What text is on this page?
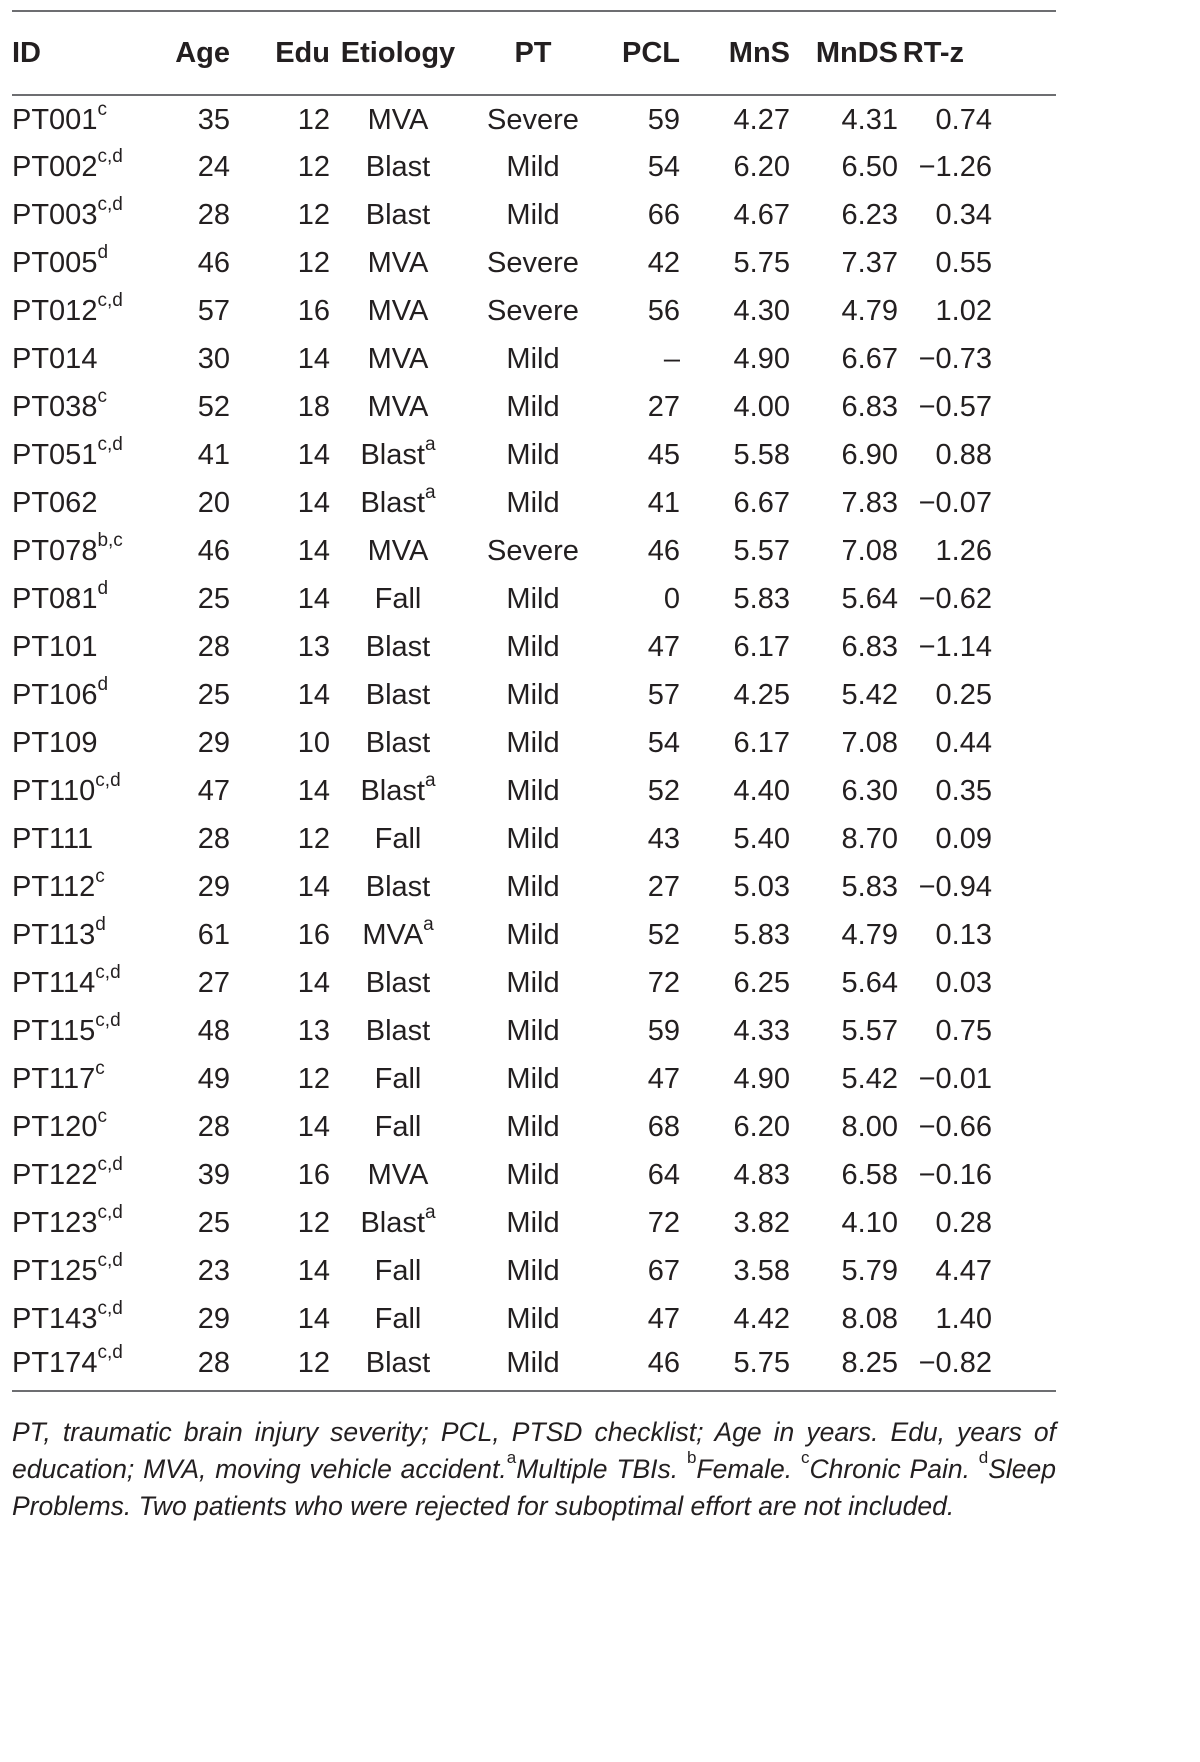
ID	Age	Edu	Etiology	PT	PCL	MnS	MnDS	RT-z
PT001$^c$	35	12	MVA	Severe	59	4.27	4.31	0.74
PT002$^{c,d}$	24	12	Blast	Mild	54	6.20	6.50	−1.26
PT003$^{c,d}$	28	12	Blast	Mild	66	4.67	6.23	0.34
PT005$^d$	46	12	MVA	Severe	42	5.75	7.37	0.55
PT012$^{c,d}$	57	16	MVA	Severe	56	4.30	4.79	1.02
PT014	30	14	MVA	Mild	–	4.90	6.67	−0.73
PT038$^c$	52	18	MVA	Mild	27	4.00	6.83	−0.57
PT051$^{c,d}$	41	14	Blast$^a$	Mild	45	5.58	6.90	0.88
PT062	20	14	Blast$^a$	Mild	41	6.67	7.83	−0.07
PT078$^{b,c}$	46	14	MVA	Severe	46	5.57	7.08	1.26
PT081$^d$	25	14	Fall	Mild	0	5.83	5.64	−0.62
PT101	28	13	Blast	Mild	47	6.17	6.83	−1.14
PT106$^d$	25	14	Blast	Mild	57	4.25	5.42	0.25
PT109	29	10	Blast	Mild	54	6.17	7.08	0.44
PT110$^{c,d}$	47	14	Blast$^a$	Mild	52	4.40	6.30	0.35
PT111	28	12	Fall	Mild	43	5.40	8.70	0.09
PT112$^c$	29	14	Blast	Mild	27	5.03	5.83	−0.94
PT113$^d$	61	16	MVA$^a$	Mild	52	5.83	4.79	0.13
PT114$^{c,d}$	27	14	Blast	Mild	72	6.25	5.64	0.03
PT115$^{c,d}$	48	13	Blast	Mild	59	4.33	5.57	0.75
PT117$^c$	49	12	Fall	Mild	47	4.90	5.42	−0.01
PT120$^c$	28	14	Fall	Mild	68	6.20	8.00	−0.66
PT122$^{c,d}$	39	16	MVA	Mild	64	4.83	6.58	−0.16
PT123$^{c,d}$	25	12	Blast$^a$	Mild	72	3.82	4.10	0.28
PT125$^{c,d}$	23	14	Fall	Mild	67	3.58	5.79	4.47
PT143$^{c,d}$	29	14	Fall	Mild	47	4.42	8.08	1.40
PT174$^{c,d}$	28	12	Blast	Mild	46	5.75	8.25	−0.82
PT, traumatic brain injury severity; PCL, PTSD checklist; Age in years. Edu, years of education; MVA, moving vehicle accident.$^a$Multiple TBIs. $^b$Female. $^c$Chronic Pain. $^d$Sleep Problems. Two patients who were rejected for suboptimal effort are not included.
